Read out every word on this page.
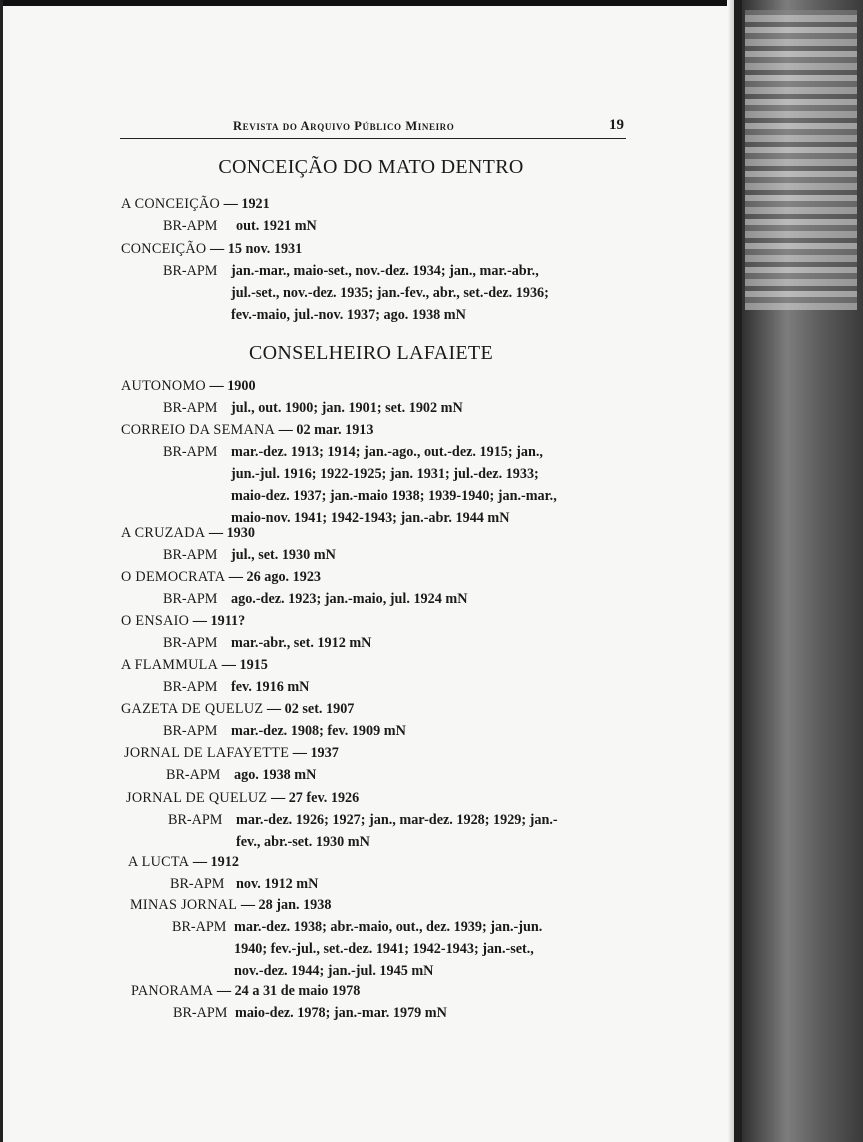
Revista do Arquivo Público Mineiro	19
CONCEIÇÃO DO MATO DENTRO
A CONCEIÇÃO — 1921
BR-APM out. 1921 mN
CONCEIÇÃO — 15 nov. 1931
BR-APM jan.-mar., maio-set., nov.-dez. 1934; jan., mar.-abr.,
jul.-set., nov.-dez. 1935; jan.-fev., abr., set.-dez. 1936;
fev.-maio, jul.-nov. 1937; ago. 1938 mN
CONSELHEIRO LAFAIETE
AUTONOMO — 1900
BR-APM jul., out. 1900; jan. 1901; set. 1902 mN
CORREIO DA SEMANA — 02 mar. 1913
BR-APM mar.-dez. 1913; 1914; jan.-ago., out.-dez. 1915; jan.,
jun.-jul. 1916; 1922-1925; jan. 1931; jul.-dez. 1933;
maio-dez. 1937; jan.-maio 1938; 1939-1940; jan.-mar.,
maio-nov. 1941; 1942-1943; jan.-abr. 1944 mN
A CRUZADA — 1930
BR-APM jul., set. 1930 mN
O DEMOCRATA — 26 ago. 1923
BR-APM ago.-dez. 1923; jan.-maio, jul. 1924 mN
O ENSAIO — 1911?
BR-APM mar.-abr., set. 1912 mN
A FLAMMULA — 1915
BR-APM fev. 1916 mN
GAZETA DE QUELUZ — 02 set. 1907
BR-APM mar.-dez. 1908; fev. 1909 mN
JORNAL DE LAFAYETTE — 1937
BR-APM ago. 1938 mN
JORNAL DE QUELUZ — 27 fev. 1926
BR-APM mar.-dez. 1926; 1927; jan., mar-dez. 1928; 1929; jan.-
fev., abr.-set. 1930 mN
A LUCTA — 1912
BR-APM nov. 1912 mN
MINAS JORNAL — 28 jan. 1938
BR-APM mar.-dez. 1938; abr.-maio, out., dez. 1939; jan.-jun.
1940; fev.-jul., set.-dez. 1941; 1942-1943; jan.-set.,
nov.-dez. 1944; jan.-jul. 1945 mN
PANORAMA — 24 a 31 de maio 1978
BR-APM maio-dez. 1978; jan.-mar. 1979 mN
